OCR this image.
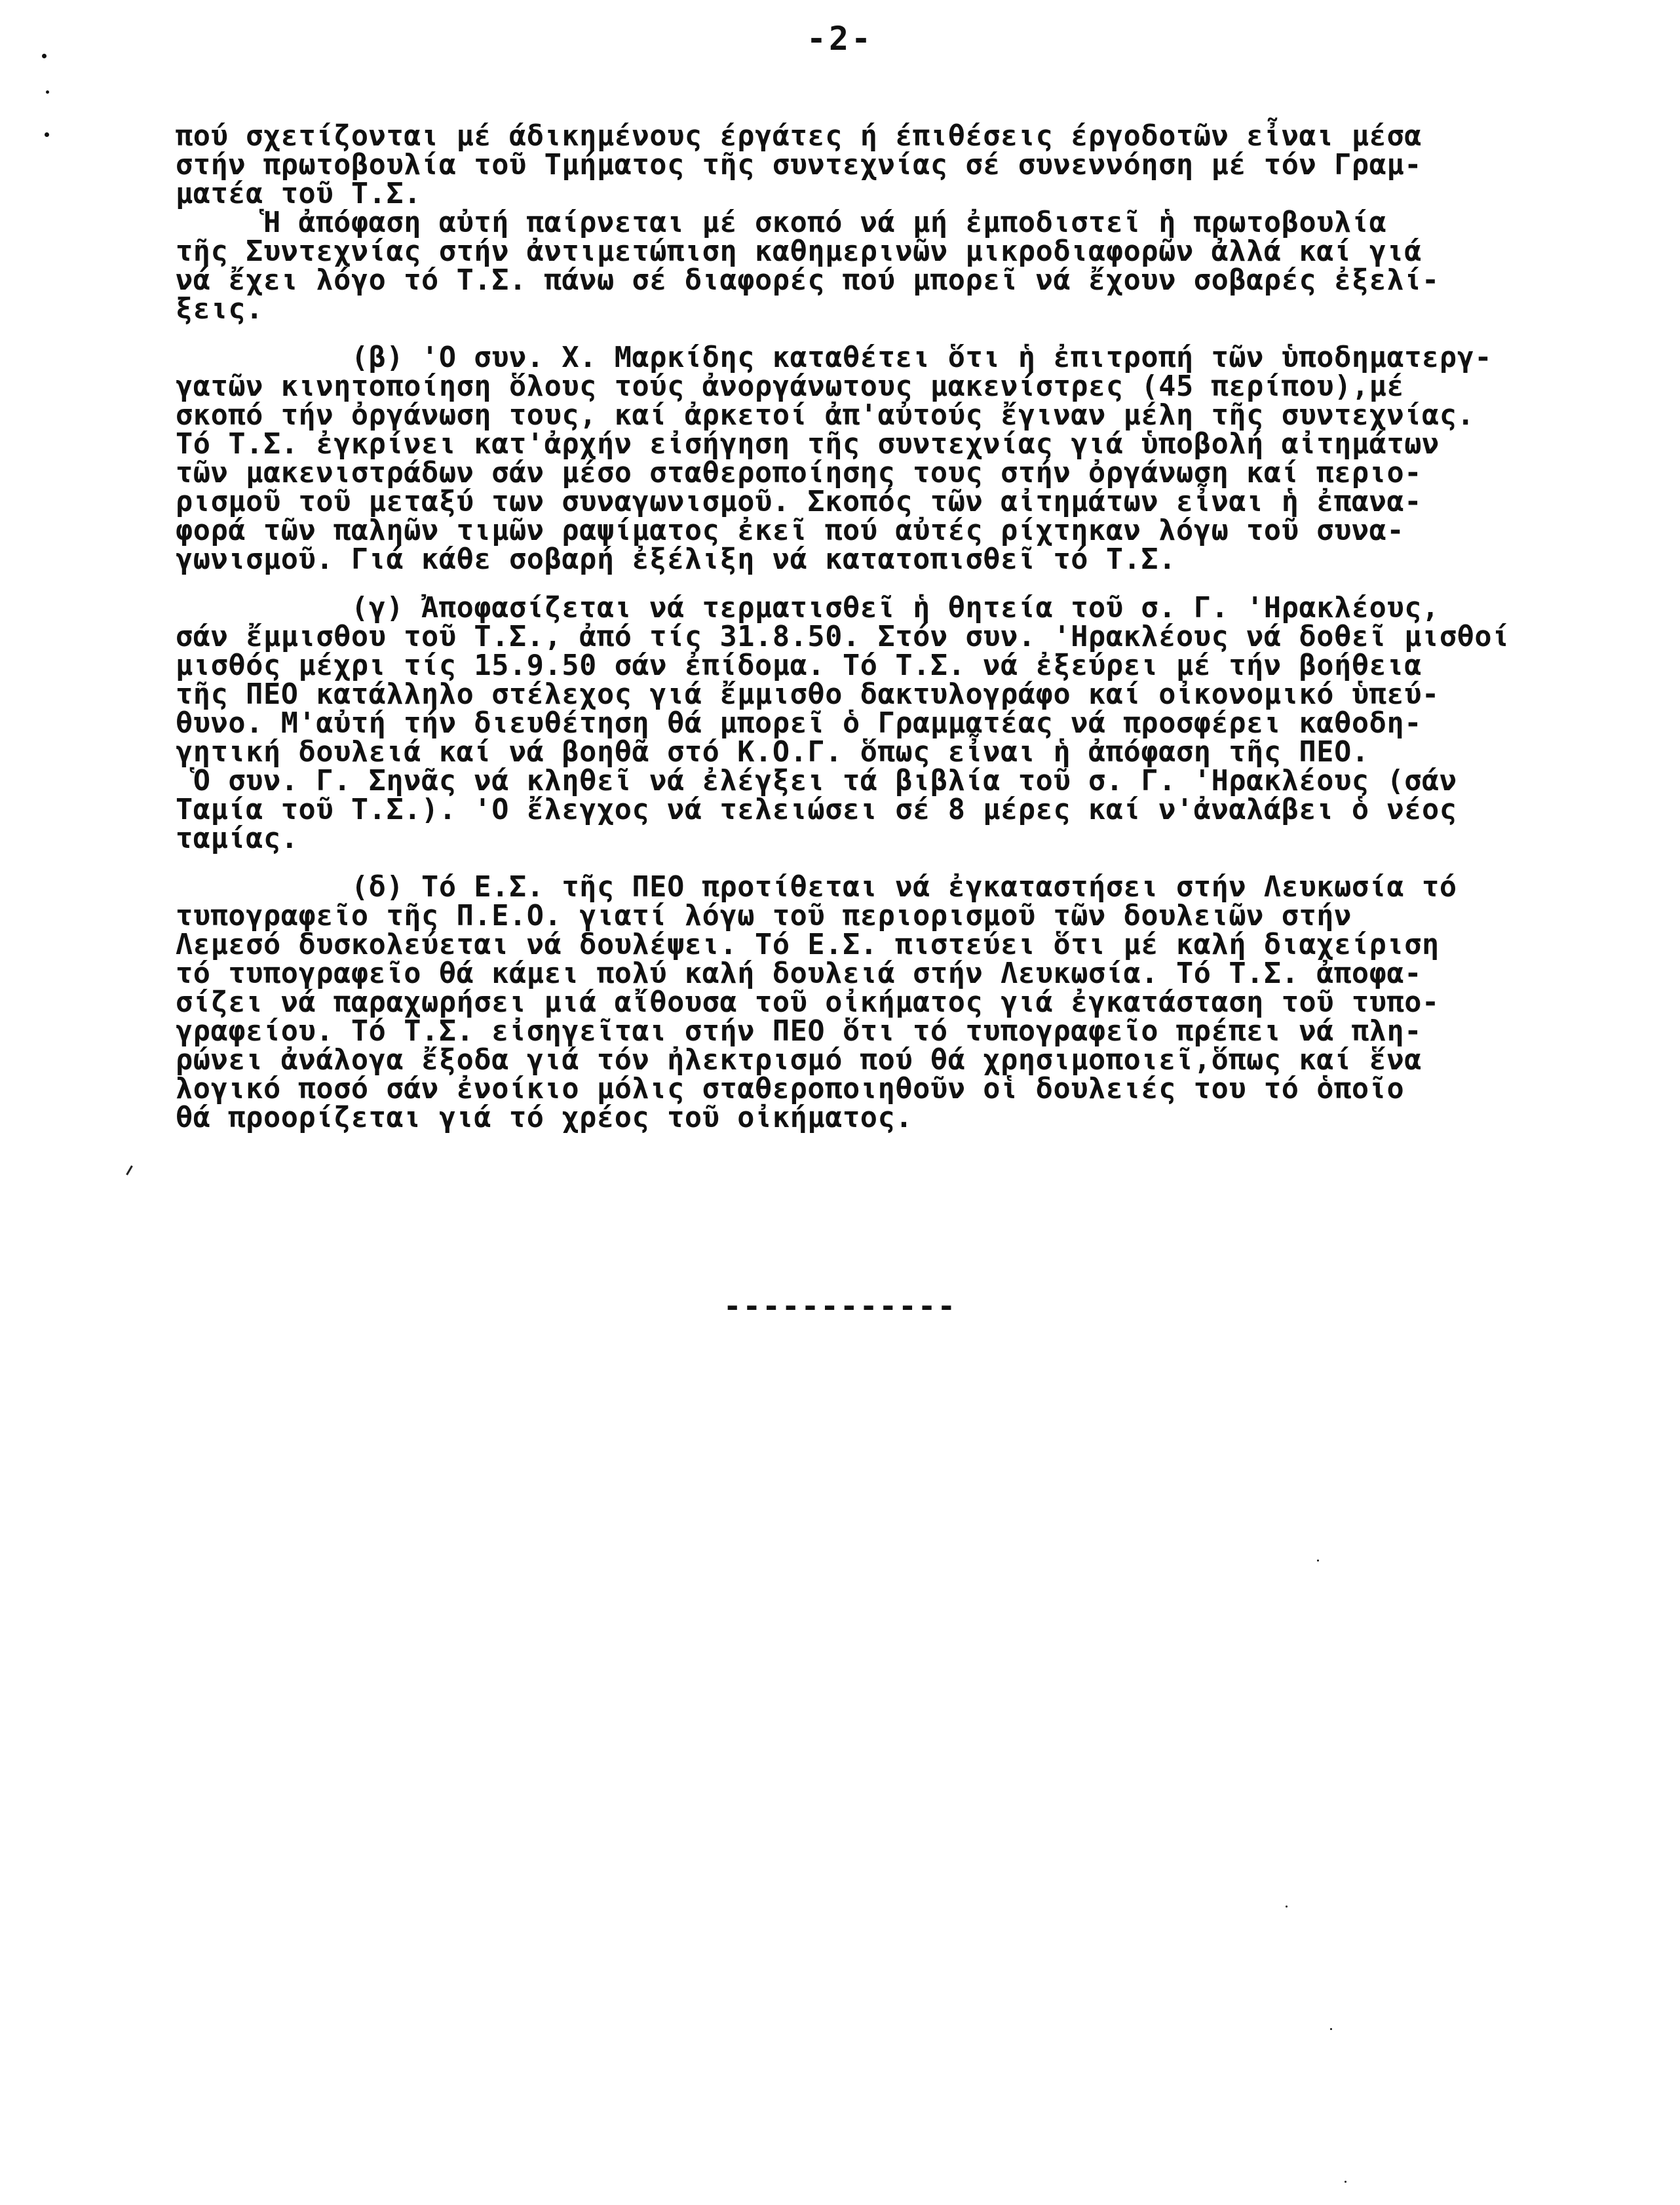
-2-
πού σχετίζονται μέ άδικημένους έργάτες ή έπιθέσεις έργοδοτῶν εἶναι μέσα
στήν πρωτοβουλία τοῦ Τμήματος τῆς συντεχνίας σέ συνεννόηση μέ τόν Γραμ-
ματέα τοῦ Τ.Σ.
Ἡ ἀπόφαση αὐτή παίρνεται μέ σκοπό νά μή ἐμποδιστεῖ ἡ πρωτοβουλία
τῆς Συντεχνίας στήν ἀντιμετώπιση καθημερινῶν μικροδιαφορῶν ἀλλά καί γιά
νά ἔχει λόγο τό Τ.Σ. πάνω σέ διαφορές πού μπορεῖ νά ἔχουν σοβαρές ἐξελί-
ξεις.
(β) 'Ο συν. Χ. Μαρκίδης καταθέτει ὅτι ἡ ἐπιτροπή τῶν ὑποδηματεργ-
γατῶν κινητοποίηση ὅλους τούς ἀνοργάνωτους μακενίστρες (45 περίπου),μέ
σκοπό τήν ὀργάνωση τους, καί ἀρκετοί ἀπ'αὐτούς ἔγιναν μέλη τῆς συντεχνίας.
Τό Τ.Σ. ἐγκρίνει κατ'ἀρχήν εἰσήγηση τῆς συντεχνίας γιά ὑποβολή αἰτημάτων
τῶν μακενιστράδων σάν μέσο σταθεροποίησης τους στήν ὀργάνωση καί περιο-
ρισμοῦ τοῦ μεταξύ των συναγωνισμοῦ. Σκοπός τῶν αἰτημάτων εἶναι ἡ ἐπανα-
φορά τῶν παληῶν τιμῶν ραψίματος ἐκεῖ πού αὐτές ρίχτηκαν λόγω τοῦ συνα-
γωνισμοῦ. Γιά κάθε σοβαρή ἐξέλιξη νά κατατοπισθεῖ τό Τ.Σ.
(γ) Ἀποφασίζεται νά τερματισθεῖ ἡ θητεία τοῦ σ. Γ. 'Ηρακλέους,
σάν ἔμμισθου τοῦ Τ.Σ., ἀπό τίς 31.8.50. Στόν συν. 'Ηρακλέους νά δοθεῖ μισθοί
μισθός μέχρι τίς 15.9.50 σάν ἐπίδομα. Τό Τ.Σ. νά ἐξεύρει μέ τήν βοήθεια
τῆς ΠΕΟ κατάλληλο στέλεχος γιά ἔμμισθο δακτυλογράφο καί οἰκονομικό ὑπεύ-
θυνο. Μ'αὐτή τήν διευθέτηση θά μπορεῖ ὁ Γραμματέας νά προσφέρει καθοδη-
γητική δουλειά καί νά βοηθᾶ στό Κ.Ο.Γ. ὅπως εἶναι ἡ ἀπόφαση τῆς ΠΕΟ.
Ὁ συν. Γ. Σηνᾶς νά κληθεῖ νά ἐλέγξει τά βιβλία τοῦ σ. Γ. 'Ηρακλέους (σάν
Ταμία τοῦ Τ.Σ.). 'Ο ἔλεγχος νά τελειώσει σέ 8 μέρες καί ν'ἀναλάβει ὁ νέος
ταμίας.
(δ) Τό Ε.Σ. τῆς ΠΕΟ προτίθεται νά ἐγκαταστήσει στήν Λευκωσία τό
τυπογραφεῖο τῆς Π.Ε.Ο. γιατί λόγω τοῦ περιορισμοῦ τῶν δουλειῶν στήν
Λεμεσό δυσκολεύεται νά δουλέψει. Τό Ε.Σ. πιστεύει ὅτι μέ καλή διαχείριση
τό τυπογραφεῖο θά κάμει πολύ καλή δουλειά στήν Λευκωσία. Τό Τ.Σ. ἀποφα-
σίζει νά παραχωρήσει μιά αἴθουσα τοῦ οἰκήματος γιά ἐγκατάσταση τοῦ τυπο-
γραφείου. Τό Τ.Σ. εἰσηγεῖται στήν ΠΕΟ ὅτι τό τυπογραφεῖο πρέπει νά πλη-
ρώνει ἀνάλογα ἔξοδα γιά τόν ἠλεκτρισμό πού θά χρησιμοποιεῖ,ὅπως καί ἕνα
λογικό ποσό σάν ἐνοίκιο μόλις σταθεροποιηθοῦν οἱ δουλειές του τό ὁποῖο
θά προορίζεται γιά τό χρέος τοῦ οἰκήματος.
------------
